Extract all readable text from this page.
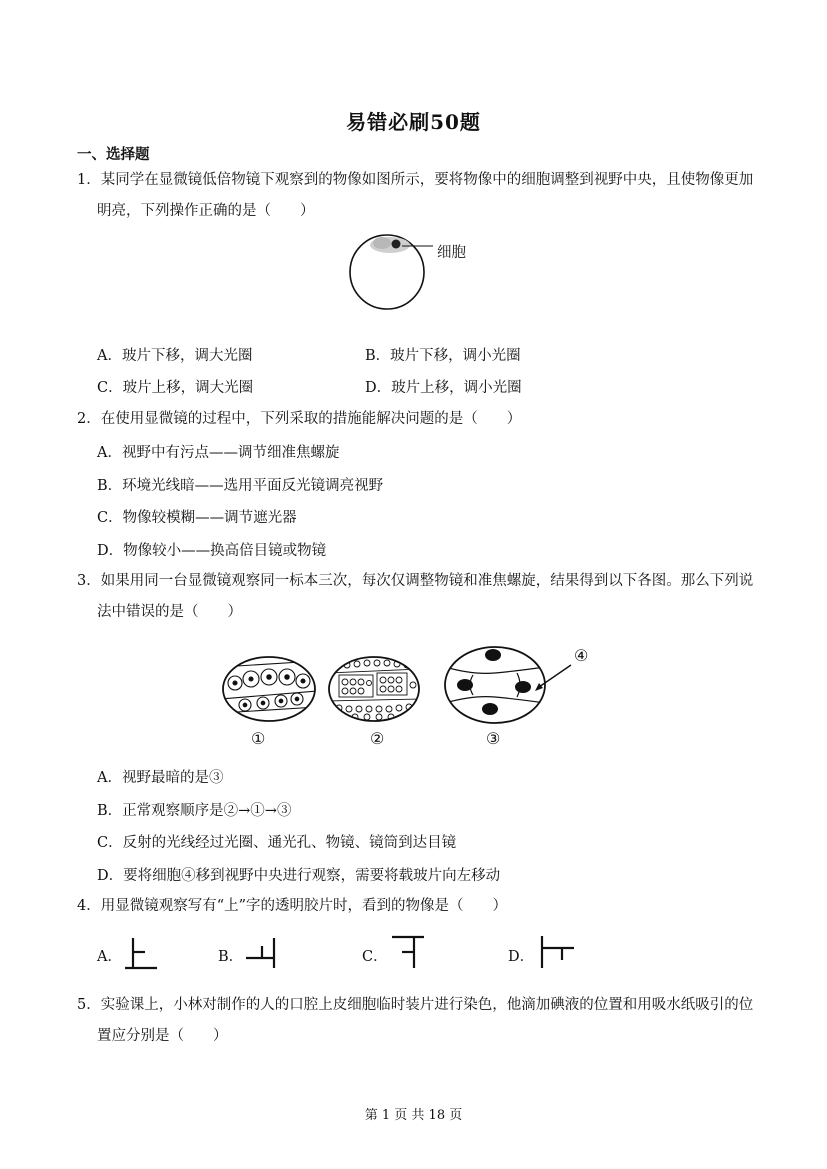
易错必刷50题
一、选择题
1．某同学在显微镜低倍物镜下观察到的物像如图所示，要将物像中的细胞调整到视野中央，且使物像更加
明亮，下列操作正确的是（　　）
细胞
A．玻片下移，调大光圈	B．玻片下移，调小光圈
C．玻片上移，调大光圈	D．玻片上移，调小光圈
2．在使用显微镜的过程中，下列采取的措施能解决问题的是（　　）
A．视野中有污点——调节细准焦螺旋
B．环境光线暗——选用平面反光镜调亮视野
C．物像较模糊——调节遮光器
D．物像较小——换高倍目镜或物镜
3．如果用同一台显微镜观察同一标本三次，每次仅调整物镜和准焦螺旋，结果得到以下各图。那么下列说
法中错误的是（　　）
④
①	②	③
A．视野最暗的是③
B．正常观察顺序是②→①→③
C．反射的光线经过光圈、通光孔、物镜、镜筒到达目镜
D．要将细胞④移到视野中央进行观察，需要将载玻片向左移动
4．用显微镜观察写有“上”字的透明胶片时，看到的物像是（　　）
A．	B．	C．	D．
5．实验课上，小林对制作的人的口腔上皮细胞临时装片进行染色，他滴加碘液的位置和用吸水纸吸引的位
置应分别是（　　）
第 1 页 共 18 页
